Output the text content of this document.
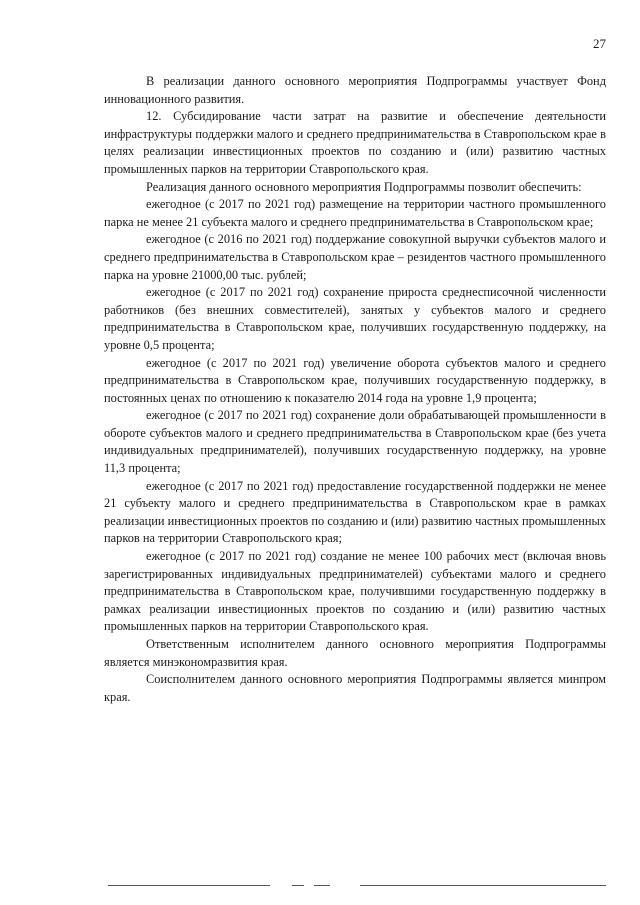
27

В реализации данного основного мероприятия Подпрограммы участвует Фонд инновационного развития.

12. Субсидирование части затрат на развитие и обеспечение деятельности инфраструктуры поддержки малого и среднего предпринимательства в Ставропольском крае в целях реализации инвестиционных проектов по созданию и (или) развитию частных промышленных парков на территории Ставропольского края.

Реализация данного основного мероприятия Подпрограммы позволит обеспечить:

ежегодное (с 2017 по 2021 год) размещение на территории частного промышленного парка не менее 21 субъекта малого и среднего предпринимательства в Ставропольском крае;

ежегодное (с 2016 по 2021 год) поддержание совокупной выручки субъектов малого и среднего предпринимательства в Ставропольском крае – резидентов частного промышленного парка на уровне 21000,00 тыс. рублей;

ежегодное (с 2017 по 2021 год) сохранение прироста среднесписочной численности работников (без внешних совместителей), занятых у субъектов малого и среднего предпринимательства в Ставропольском крае, получивших государственную поддержку, на уровне 0,5 процента;

ежегодное (с 2017 по 2021 год) увеличение оборота субъектов малого и среднего предпринимательства в Ставропольском крае, получивших государственную поддержку, в постоянных ценах по отношению к показателю 2014 года на уровне 1,9 процента;

ежегодное (с 2017 по 2021 год) сохранение доли обрабатывающей промышленности в обороте субъектов малого и среднего предпринимательства в Ставропольском крае (без учета индивидуальных предпринимателей), получивших государственную поддержку, на уровне 11,3 процента;

ежегодное (с 2017 по 2021 год) предоставление государственной поддержки не менее 21 субъекту малого и среднего предпринимательства в Ставропольском крае в рамках реализации инвестиционных проектов по созданию и (или) развитию частных промышленных парков на территории Ставропольского края;

ежегодное (с 2017 по 2021 год) создание не менее 100 рабочих мест (включая вновь зарегистрированных индивидуальных предпринимателей) субъектами малого и среднего предпринимательства в Ставропольском крае, получившими государственную поддержку в рамках реализации инвестиционных проектов по созданию и (или) развитию частных промышленных парков на территории Ставропольского края.

Ответственным исполнителем данного основного мероприятия Подпрограммы является минэкономразвития края.

Соисполнителем данного основного мероприятия Подпрограммы является минпром края.
